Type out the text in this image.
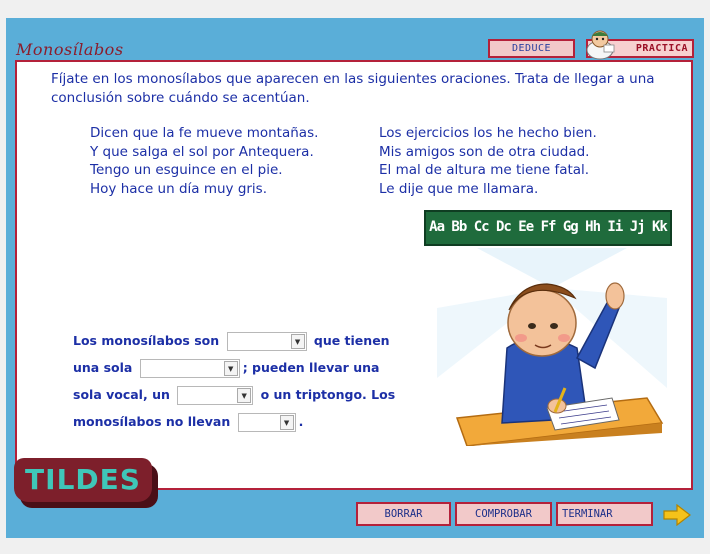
Monosílabos	DEDUCE	PRACTICA

Fíjate en los monosílabos que aparecen en las siguientes oraciones. Trata de llegar a una conclusión sobre cuándo se acentúan.

Dicen que la fe mueve montañas.
Y que salga el sol por Antequera.
Tengo un esguince en el pie.
Hoy hace un día muy gris.
Los ejercicios los he hecho bien.
Mis amigos son de otra ciudad.
El mal de altura me tiene fatal.
Le dije que me llamara.
Aa Bb Cc Dc Ee Ff Gg Hh Ii Jj Kk
Los monosílabos son	▼	que tienen
una sola	▼ ; pueden llevar una
sola vocal, un	▼	o un triptongo. Los
monosílabos no llevan	▼ .
TILDES
BORRAR	COMPROBAR	TERMINAR
